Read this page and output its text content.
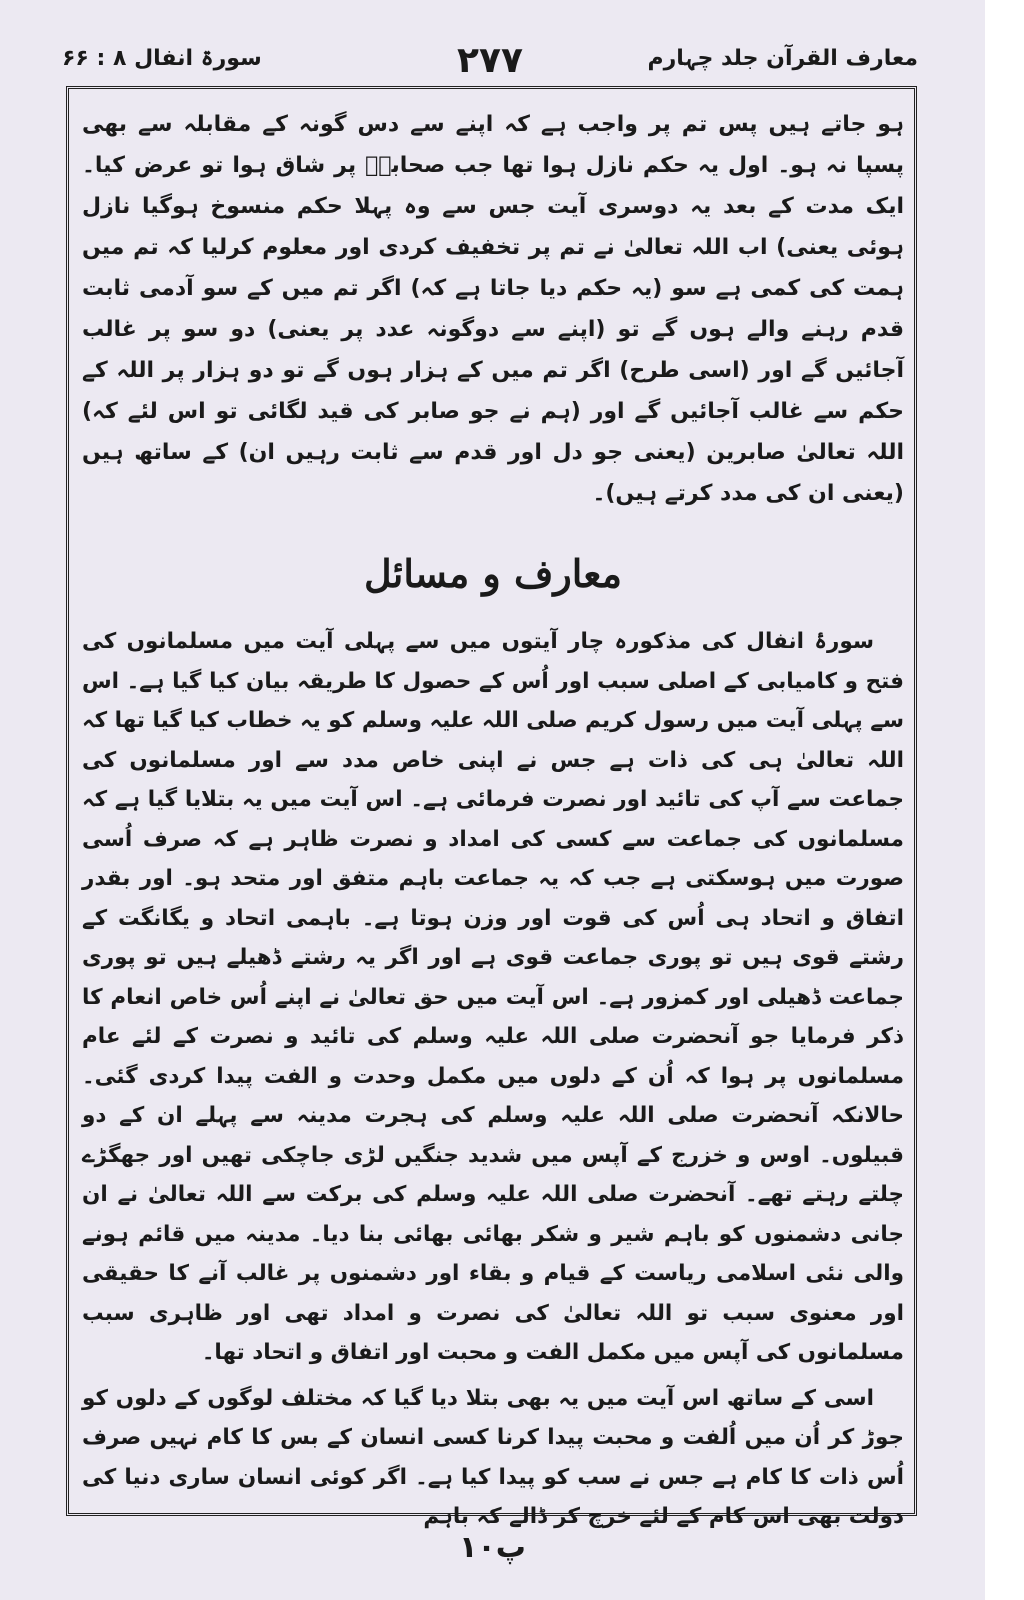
معارف القرآن جلد چہارم
۲۷۷
سورۃ انفال ۸ : ۶۶

ہو جاتے ہیں پس تم پر واجب ہے کہ اپنے سے دس گونہ کے مقابلہ سے بھی پسپا نہ ہو۔ اول یہ حکم نازل ہوا تھا جب صحابہؓ پر شاق ہوا تو عرض کیا۔ ایک مدت کے بعد یہ دوسری آیت جس سے وہ پہلا حکم منسوخ ہوگیا نازل ہوئی یعنی) اب اللہ تعالیٰ نے تم پر تخفیف کردی اور معلوم کرلیا کہ تم میں ہمت کی کمی ہے سو (یہ حکم دیا جاتا ہے کہ) اگر تم میں کے سو آدمی ثابت قدم رہنے والے ہوں گے تو (اپنے سے دوگونہ عدد پر یعنی) دو سو پر غالب آجائیں گے اور (اسی طرح) اگر تم میں کے ہزار ہوں گے تو دو ہزار پر اللہ کے حکم سے غالب آجائیں گے اور (ہم نے جو صابر کی قید لگائی تو اس لئے کہ) اللہ تعالیٰ صابرین (یعنی جو دل اور قدم سے ثابت رہیں ان) کے ساتھ ہیں (یعنی ان کی مدد کرتے ہیں)۔

معارف و مسائل

سورۂ انفال کی مذکورہ چار آیتوں میں سے پہلی آیت میں مسلمانوں کی فتح و کامیابی کے اصلی سبب اور اُس کے حصول کا طریقہ بیان کیا گیا ہے۔ اس سے پہلی آیت میں رسول کریم صلی اللہ علیہ وسلم کو یہ خطاب کیا گیا تھا کہ اللہ تعالیٰ ہی کی ذات ہے جس نے اپنی خاص مدد سے اور مسلمانوں کی جماعت سے آپ کی تائید اور نصرت فرمائی ہے۔ اس آیت میں یہ بتلایا گیا ہے کہ مسلمانوں کی جماعت سے کسی کی امداد و نصرت ظاہر ہے کہ صرف اُسی صورت میں ہوسکتی ہے جب کہ یہ جماعت باہم متفق اور متحد ہو۔ اور بقدر اتفاق و اتحاد ہی اُس کی قوت اور وزن ہوتا ہے۔ باہمی اتحاد و یگانگت کے رشتے قوی ہیں تو پوری جماعت قوی ہے اور اگر یہ رشتے ڈھیلے ہیں تو پوری جماعت ڈھیلی اور کمزور ہے۔ اس آیت میں حق تعالیٰ نے اپنے اُس خاص انعام کا ذکر فرمایا جو آنحضرت صلی اللہ علیہ وسلم کی تائید و نصرت کے لئے عام مسلمانوں پر ہوا کہ اُن کے دلوں میں مکمل وحدت و الفت پیدا کردی گئی۔ حالانکہ آنحضرت صلی اللہ علیہ وسلم کی ہجرت مدینہ سے پہلے ان کے دو قبیلوں۔ اوس و خزرج کے آپس میں شدید جنگیں لڑی جاچکی تھیں اور جھگڑے چلتے رہتے تھے۔ آنحضرت صلی اللہ علیہ وسلم کی برکت سے اللہ تعالیٰ نے ان جانی دشمنوں کو باہم شیر و شکر بھائی بھائی بنا دیا۔ مدینہ میں قائم ہونے والی نئی اسلامی ریاست کے قیام و بقاء اور دشمنوں پر غالب آنے کا حقیقی اور معنوی سبب تو اللہ تعالیٰ کی نصرت و امداد تھی اور ظاہری سبب مسلمانوں کی آپس میں مکمل الفت و محبت اور اتفاق و اتحاد تھا۔

اسی کے ساتھ اس آیت میں یہ بھی بتلا دیا گیا کہ مختلف لوگوں کے دلوں کو جوڑ کر اُن میں اُلفت و محبت پیدا کرنا کسی انسان کے بس کا کام نہیں صرف اُس ذات کا کام ہے جس نے سب کو پیدا کیا ہے۔ اگر کوئی انسان ساری دنیا کی دولت بھی اس کام کے لئے خرچ کر ڈالے کہ باہم

پ۱۰
